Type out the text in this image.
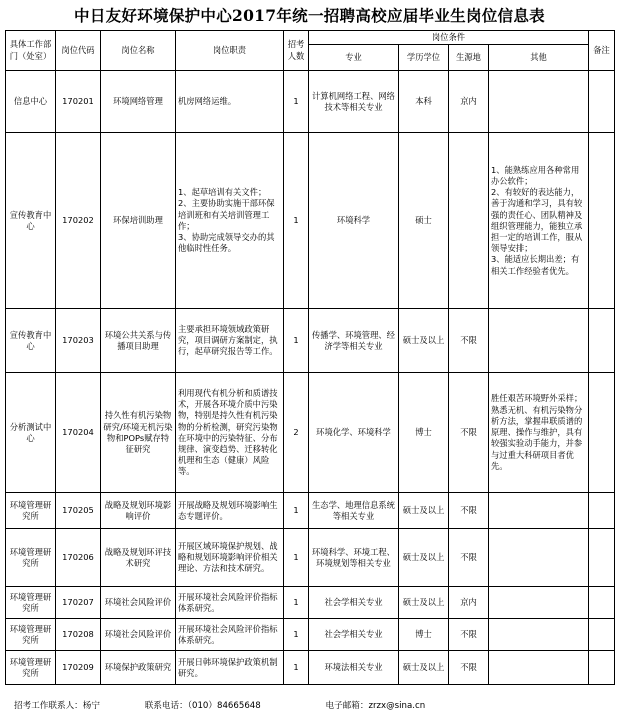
中日友好环境保护中心2017年统一招聘高校应届毕业生岗位信息表
具体工作部门（处室）	岗位代码	岗位名称	岗位职责	招考人数	岗位条件				备注
					专业	学历学位	生源地	其他	
信息中心	170201	环境网络管理	机房网络运维。	1	计算机网络工程、网络技术等相关专业	本科	京内		
宣传教育中心	170202	环保培训助理	1、起草培训有关文件；
2、主要协助实施干部环保培训班和有关培训管理工作；
3、协助完成领导交办的其他临时性任务。	1	环境科学	硕士		1、能熟练应用各种常用办公软件；
2、有较好的表达能力，善于沟通和学习，具有较强的责任心、团队精神及组织管理能力，能独立承担一定的培训工作，服从领导安排；
3、能适应长期出差；有相关工作经验者优先。	
宣传教育中心	170203	环境公共关系与传播项目助理	主要承担环境领域政策研究，项目调研方案制定，执行，起草研究报告等工作。	1	传播学、环境管理、经济学等相关专业	硕士及以上	不限		
分析测试中心	170204	持久性有机污染物研究/环境无机污染物和POPs赋存特征研究	利用现代有机分析和质谱技术，开展各环境介质中污染物，特别是持久性有机污染物的分析检测，研究污染物在环境中的污染特征、分布规律、演变趋势、迁移转化机理和生态（健康）风险等。	2	环境化学、环境科学	博士	不限	胜任艰苦环境野外采样；熟悉无机、有机污染物分析方法，掌握串联质谱的原理、操作与维护，具有较强实验动手能力，并参与过重大科研项目者优先。	
环境管理研究所	170205	战略及规划环境影响评价	开展战略及规划环境影响生态专题评价。	1	生态学、地理信息系统等相关专业	硕士及以上	不限		
环境管理研究所	170206	战略及规划环评技术研究	开展区域环境保护规划、战略和规划环境影响评价相关理论、方法和技术研究。	1	环境科学、环境工程、环境规划等相关专业	硕士及以上	不限		
环境管理研究所	170207	环境社会风险评价	开展环境社会风险评价指标体系研究。	1	社会学相关专业	硕士及以上	京内		
环境管理研究所	170208	环境社会风险评价	开展环境社会风险评价指标体系研究。	1	社会学相关专业	博士	不限		
环境管理研究所	170209	环境保护政策研究	开展日韩环境保护政策机制研究。	1	环境法相关专业	硕士及以上	不限		
招考工作联系人：杨宁	联系电话：（010）84665648	电子邮箱：zrzx@sina.cn
